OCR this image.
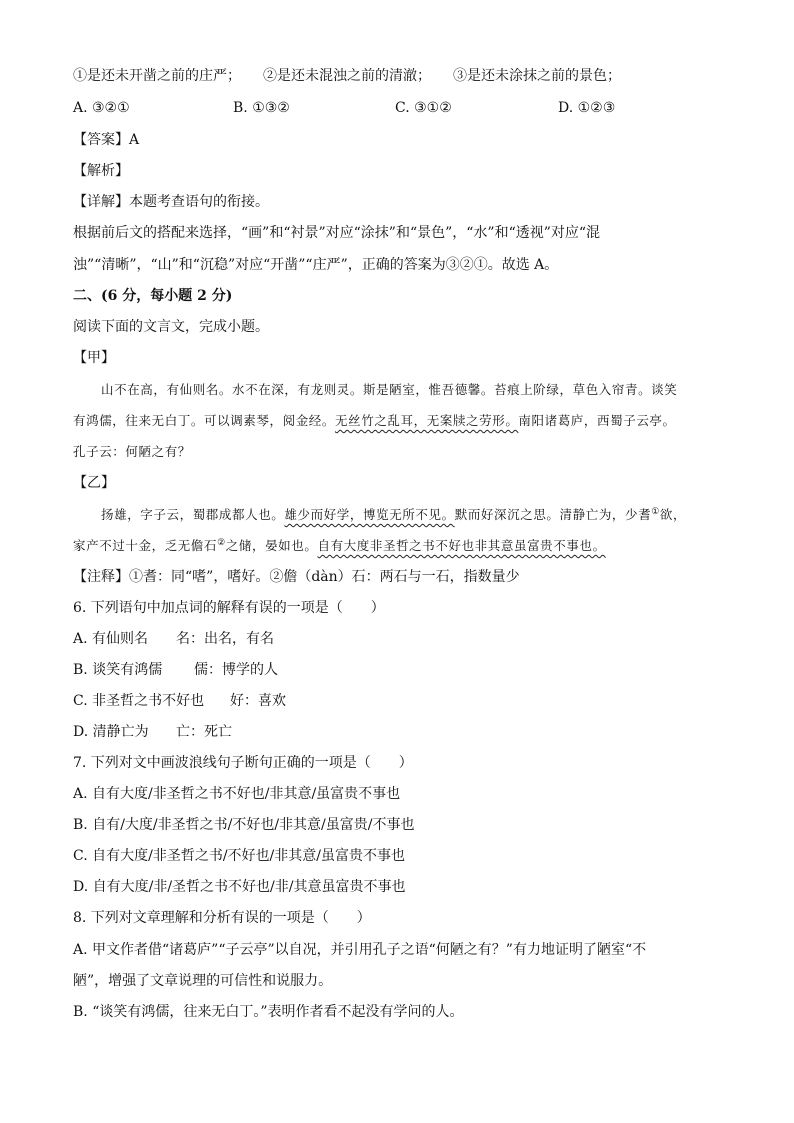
①是还未开凿之前的庄严； ②是还未混浊之前的清澈； ③是还未涂抹之前的景色；
A. ③②①	B. ①③②	C. ③①②	D. ①②③
【答案】A
【解析】
【详解】本题考查语句的衔接。
根据前后文的搭配来选择，“画”和“衬景”对应“涂抹”和“景色”，“水”和“透视”对应“混
浊”“清晰”，“山”和“沉稳”对应“开凿”“庄严”，正确的答案为③②①。故选 A。
二、(6 分，每小题 2 分)
阅读下面的文言文，完成小题。
【甲】
山不在高，有仙则名。水不在深，有龙则灵。斯是陋室，惟吾德馨。苔痕上阶绿，草色入帘青。谈笑
有鸿儒，往来无白丁。可以调素琴，阅金经。无丝竹之乱耳，无案牍之劳形。南阳诸葛庐，西蜀子云亭。
孔子云：何陋之有？
【乙】
扬雄，字子云，蜀郡成都人也。雄少而好学，博览无所不见。默而好深沉之思。清静亡为，少耆①欲，
家产不过十金，乏无儋石②之储，晏如也。自有大度非圣哲之书不好也非其意虽富贵不事也。
【注释】①耆：同“嗜”，嗜好。②儋（dàn）石：两石与一石，指数量少
6. 下列语句中加点词的解释有误的一项是（　　）
A. 有仙则名 名：出名，有名
B. 谈笑有鸿儒 儒：博学的人
C. 非圣哲之书不好也 好：喜欢
D. 清静亡为 亡：死亡
7. 下列对文中画波浪线句子断句正确的一项是（　　）
A. 自有大度/非圣哲之书不好也/非其意/虽富贵不事也
B. 自有/大度/非圣哲之书/不好也/非其意/虽富贵/不事也
C. 自有大度/非圣哲之书/不好也/非其意/虽富贵不事也
D. 自有大度/非/圣哲之书不好也/非/其意虽富贵不事也
8. 下列对文章理解和分析有误的一项是（　　）
A. 甲文作者借“诸葛庐”“子云亭”以自况，并引用孔子之语“何陋之有？”有力地证明了陋室“不
陋”，增强了文章说理的可信性和说服力。
B. “谈笑有鸿儒，往来无白丁。”表明作者看不起没有学问的人。
